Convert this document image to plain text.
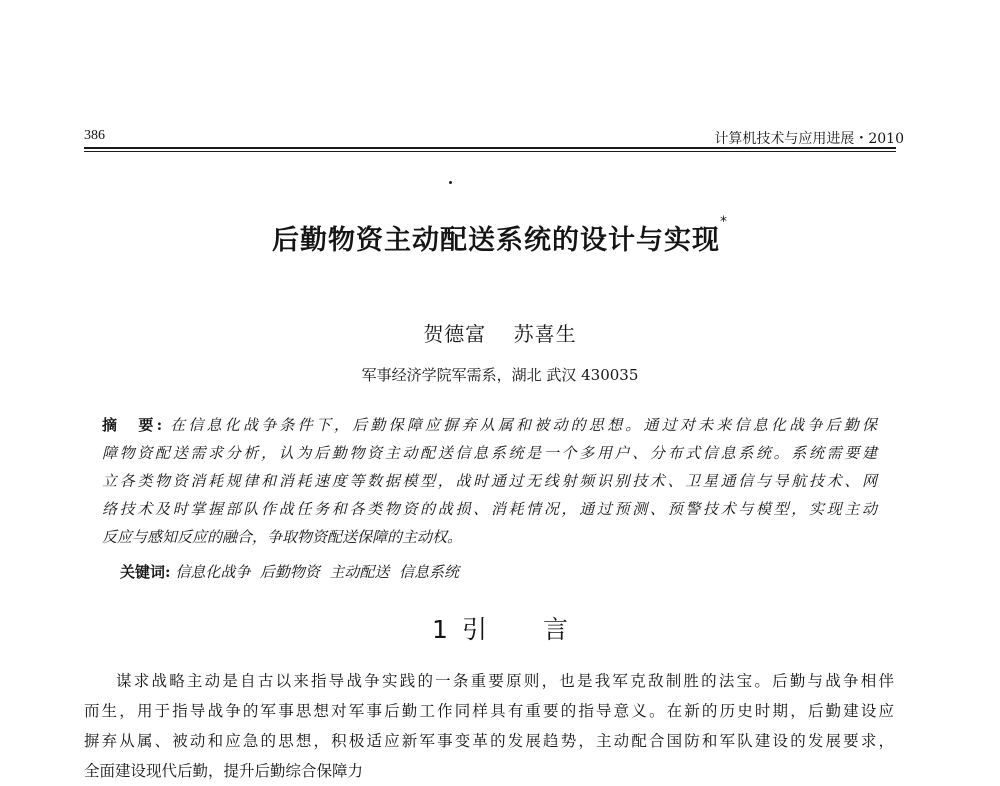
386	计算机技术与应用进展・2010
后勤物资主动配送系统的设计与实现*
贺德富 苏喜生
军事经济学院军需系，湖北 武汉 430035
摘　要: 在信息化战争条件下，后勤保障应摒弃从属和被动的思想。通过对未来信息化战争后勤保
障物资配送需求分析，认为后勤物资主动配送信息系统是一个多用户、分布式信息系统。系统需要建
立各类物资消耗规律和消耗速度等数据模型，战时通过无线射频识别技术、卫星通信与导航技术、网
络技术及时掌握部队作战任务和各类物资的战损、消耗情况，通过预测、预警技术与模型，实现主动
反应与感知反应的融合，争取物资配送保障的主动权。
关键词: 信息化战争  后勤物资  主动配送  信息系统
1 引 言
谋求战略主动是自古以来指导战争实践的一条重要原则，也是我军克敌制胜的法宝。后勤与战争相伴
而生，用于指导战争的军事思想对军事后勤工作同样具有重要的指导意义。在新的历史时期，后勤建设应
摒弃从属、被动和应急的思想，积极适应新军事变革的发展趋势，主动配合国防和军队建设的发展要求，
全面建设现代后勤，提升后勤综合保障力
